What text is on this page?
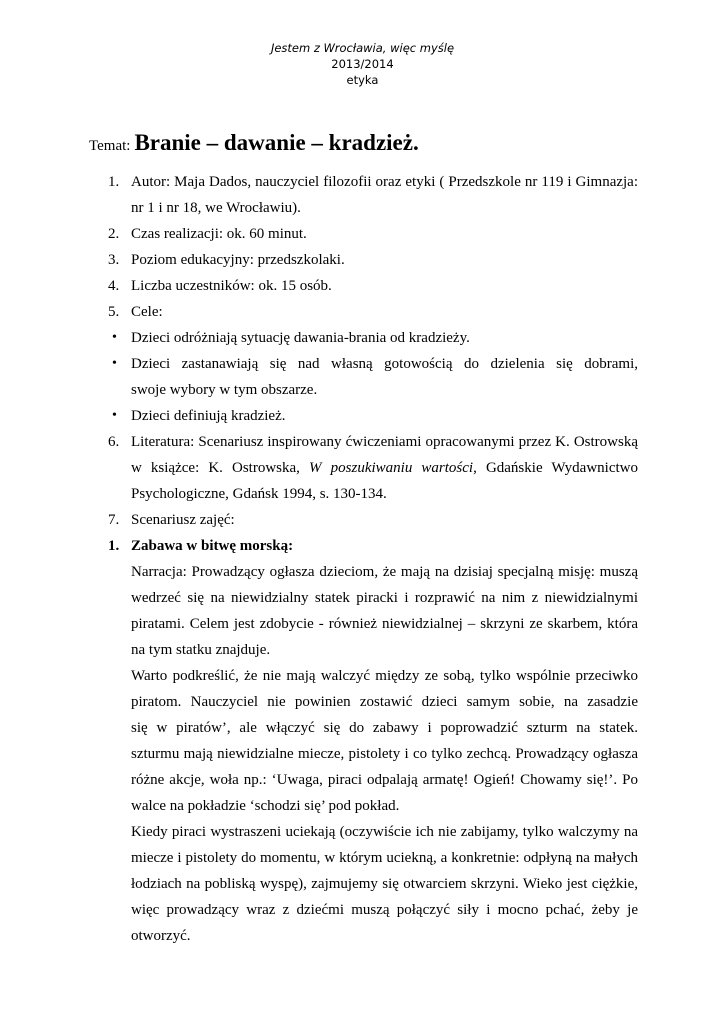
Jestem z Wrocławia, więc myślę
2013/2014
etyka
Temat: Branie – dawanie – kradzież.
1. Autor: Maja Dados, nauczyciel filozofii oraz etyki ( Przedszkole nr 119 i Gimnazja:
nr 1 i nr 18, we Wrocławiu).
2. Czas realizacji: ok. 60 minut.
3. Poziom edukacyjny: przedszkolaki.
4. Liczba uczestników: ok. 15 osób.
5. Cele:
• Dzieci odróżniają sytuację dawania-brania od kradzieży.
• Dzieci zastanawiają się nad własną gotowością do dzielenia się dobrami,
swoje wybory w tym obszarze.
• Dzieci definiują kradzież.
6. Literatura: Scenariusz inspirowany ćwiczeniami opracowanymi przez K. Ostrowską
w książce: K. Ostrowska, W poszukiwaniu wartości, Gdańskie Wydawnictwo
Psychologiczne, Gdańsk 1994, s. 130-134.
7. Scenariusz zajęć:
1. Zabawa w bitwę morską:
Narracja: Prowadzący ogłasza dzieciom, że mają na dzisiaj specjalną misję: muszą
wedrzeć się na niewidzialny statek piracki i rozprawić na nim z niewidzialnymi
piratami. Celem jest zdobycie - również niewidzialnej – skrzyni ze skarbem, która
na tym statku znajduje.
Warto podkreślić, że nie mają walczyć między ze sobą, tylko wspólnie przeciwko
piratom. Nauczyciel nie powinien zostawić dzieci samym sobie, na zasadzie
się w piratów’, ale włączyć się do zabawy i poprowadzić szturm na statek.
szturmu mają niewidzialne miecze, pistolety i co tylko zechcą. Prowadzący ogłasza
różne akcje, woła np.: ‘Uwaga, piraci odpalają armatę! Ogień! Chowamy się!’. Po
walce na pokładzie ‘schodzi się’ pod pokład.
Kiedy piraci wystraszeni uciekają (oczywiście ich nie zabijamy, tylko walczymy na
miecze i pistolety do momentu, w którym uciekną, a konkretnie: odpłyną na małych
łodziach na pobliską wyspę), zajmujemy się otwarciem skrzyni. Wieko jest ciężkie,
więc prowadzący wraz z dziećmi muszą połączyć siły i mocno pchać, żeby je
otworzyć.
